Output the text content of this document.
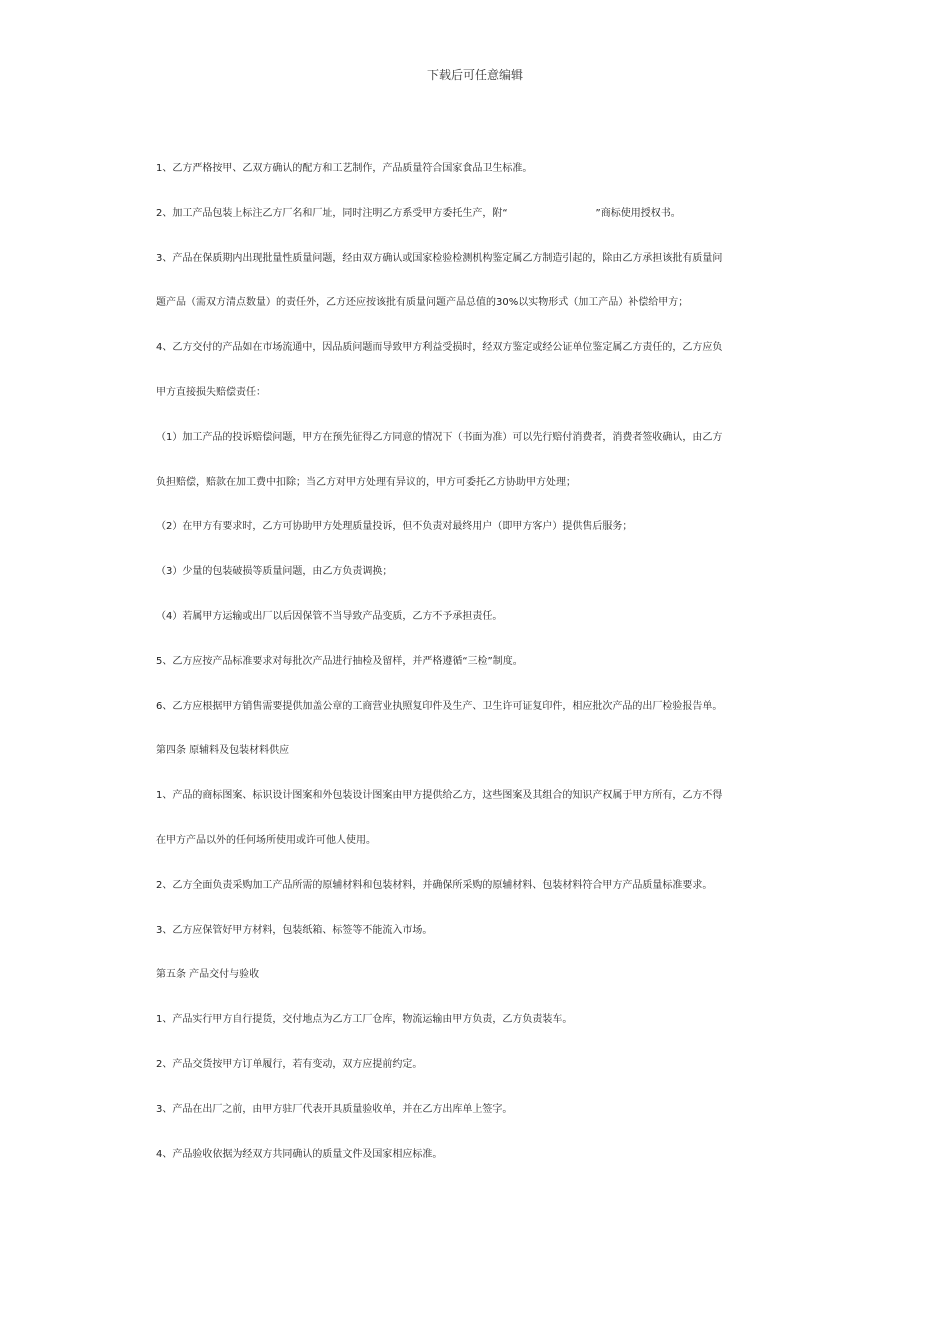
下载后可任意编辑

1、乙方严格按甲、乙双方确认的配方和工艺制作，产品质量符合国家食品卫生标准。

2、加工产品包装上标注乙方厂名和厂址，同时注明乙方系受甲方委托生产，附“	”商标使用授权书。

3、产品在保质期内出现批量性质量问题，经由双方确认或国家检验检测机构鉴定属乙方制造引起的，除由乙方承担该批有质量问

题产品（需双方清点数量）的责任外，乙方还应按该批有质量问题产品总值的30%以实物形式（加工产品）补偿给甲方；

4、乙方交付的产品如在市场流通中，因品质问题而导致甲方利益受损时，经双方鉴定或经公证单位鉴定属乙方责任的，乙方应负

甲方直接损失赔偿责任：

（1）加工产品的投诉赔偿问题，甲方在预先征得乙方同意的情况下（书面为准）可以先行赔付消费者，消费者签收确认，由乙方

负担赔偿，赔款在加工费中扣除；当乙方对甲方处理有异议的，甲方可委托乙方协助甲方处理；

（2）在甲方有要求时，乙方可协助甲方处理质量投诉，但不负责对最终用户（即甲方客户）提供售后服务；

（3）少量的包装破损等质量问题，由乙方负责调换；

（4）若属甲方运输或出厂以后因保管不当导致产品变质，乙方不予承担责任。

5、乙方应按产品标准要求对每批次产品进行抽检及留样，并严格遵循“三检”制度。

6、乙方应根据甲方销售需要提供加盖公章的工商营业执照复印件及生产、卫生许可证复印件，相应批次产品的出厂检验报告单。

第四条 原辅料及包装材料供应

1、产品的商标图案、标识设计图案和外包装设计图案由甲方提供给乙方，这些图案及其组合的知识产权属于甲方所有，乙方不得

在甲方产品以外的任何场所使用或许可他人使用。

2、乙方全面负责采购加工产品所需的原辅材料和包装材料，并确保所采购的原辅材料、包装材料符合甲方产品质量标准要求。

3、乙方应保管好甲方材料，包装纸箱、标签等不能流入市场。

第五条 产品交付与验收

1、产品实行甲方自行提货，交付地点为乙方工厂仓库，物流运输由甲方负责，乙方负责装车。

2、产品交货按甲方订单履行，若有变动，双方应提前约定。

3、产品在出厂之前，由甲方驻厂代表开具质量验收单，并在乙方出库单上签字。

4、产品验收依据为经双方共同确认的质量文件及国家相应标准。
